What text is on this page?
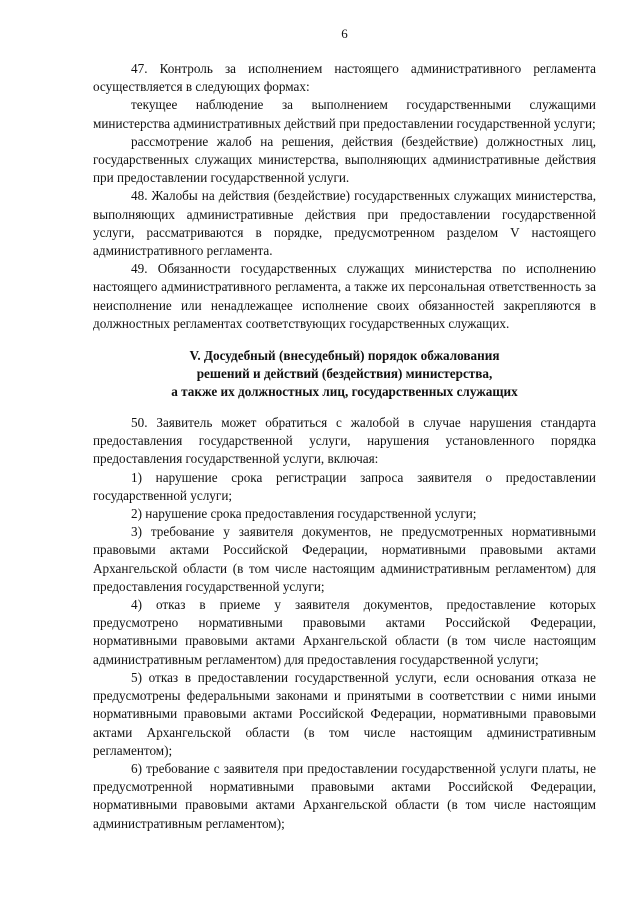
6

47. Контроль за исполнением настоящего административного регламента осуществляется в следующих формах:

текущее наблюдение за выполнением государственными служащими министерства административных действий при предоставлении государственной услуги;

рассмотрение жалоб на решения, действия (бездействие) должностных лиц, государственных служащих министерства, выполняющих административные действия при предоставлении государственной услуги.

48. Жалобы на действия (бездействие) государственных служащих министерства, выполняющих административные действия при предоставлении государственной услуги, рассматриваются в порядке, предусмотренном разделом V настоящего административного регламента.

49. Обязанности государственных служащих министерства по исполнению настоящего административного регламента, а также их персональная ответственность за неисполнение или ненадлежащее исполнение своих обязанностей закрепляются в должностных регламентах соответствующих государственных служащих.

V. Досудебный (внесудебный) порядок обжалования
решений и действий (бездействия) министерства,
а также их должностных лиц, государственных служащих

50. Заявитель может обратиться с жалобой в случае нарушения стандарта предоставления государственной услуги, нарушения установленного порядка предоставления государственной услуги, включая:

1) нарушение срока регистрации запроса заявителя о предоставлении государственной услуги;

2) нарушение срока предоставления государственной услуги;

3) требование у заявителя документов, не предусмотренных нормативными правовыми актами Российской Федерации, нормативными правовыми актами Архангельской области (в том числе настоящим административным регламентом) для предоставления государственной услуги;

4) отказ в приеме у заявителя документов, предоставление которых предусмотрено нормативными правовыми актами Российской Федерации, нормативными правовыми актами Архангельской области (в том числе настоящим административным регламентом) для предоставления государственной услуги;

5) отказ в предоставлении государственной услуги, если основания отказа не предусмотрены федеральными законами и принятыми в соответствии с ними иными нормативными правовыми актами Российской Федерации, нормативными правовыми актами Архангельской области (в том числе настоящим административным регламентом);

6) требование с заявителя при предоставлении государственной услуги платы, не предусмотренной нормативными правовыми актами Российской Федерации, нормативными правовыми актами Архангельской области (в том числе настоящим административным регламентом);
